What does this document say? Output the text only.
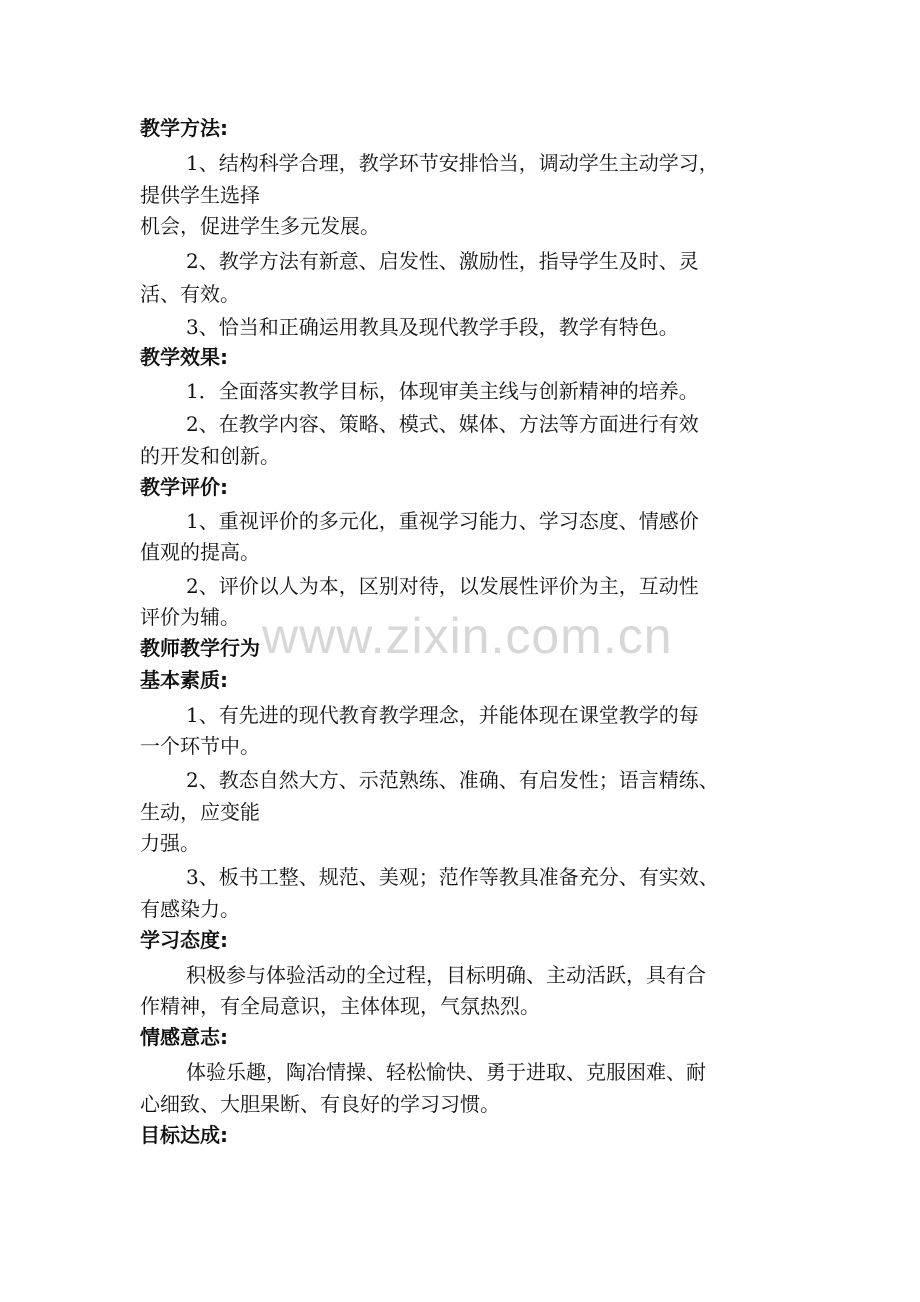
教学方法:
1、结构科学合理，教学环节安排恰当，调动学生主动学习，
提供学生选择
机会，促进学生多元发展。
2、教学方法有新意、启发性、激励性，指导学生及时、灵
活、有效。
3、恰当和正确运用教具及现代教学手段，教学有特色。
教学效果:
1．全面落实教学目标，体现审美主线与创新精神的培养。
2、在教学内容、策略、模式、媒体、方法等方面进行有效
的开发和创新。
教学评价:
1、重视评价的多元化，重视学习能力、学习态度、情感价
值观的提高。
2、评价以人为本，区别对待，以发展性评价为主，互动性
评价为辅。
教师教学行为
基本素质:
1、有先进的现代教育教学理念，并能体现在课堂教学的每
一个环节中。
2、教态自然大方、示范熟练、准确、有启发性；语言精练、
生动，应变能
力强。
3、板书工整、规范、美观；范作等教具准备充分、有实效、
有感染力。
学习态度:
积极参与体验活动的全过程，目标明确、主动活跃，具有合
作精神，有全局意识，主体体现，气氛热烈。
情感意志:
体验乐趣，陶冶情操、轻松愉快、勇于进取、克服困难、耐
心细致、大胆果断、有良好的学习习惯。
目标达成:
www.zixin.com.cn
